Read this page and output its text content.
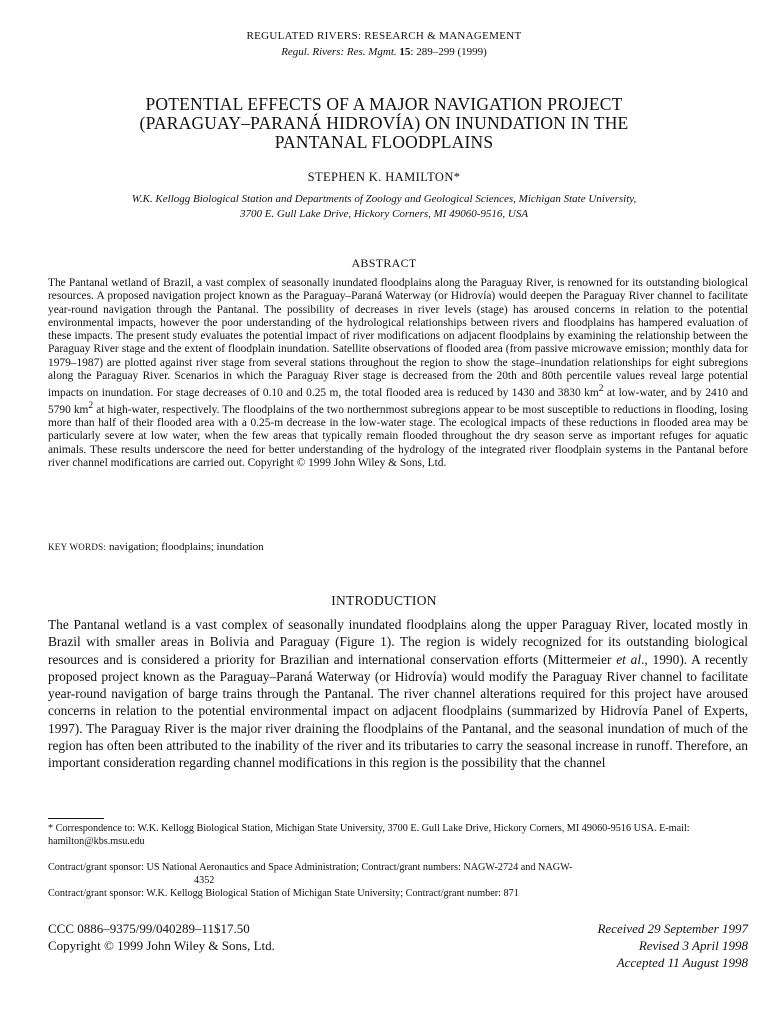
REGULATED RIVERS: RESEARCH & MANAGEMENT
Regul. Rivers: Res. Mgmt. 15: 289–299 (1999)
POTENTIAL EFFECTS OF A MAJOR NAVIGATION PROJECT
(PARAGUAY–PARANÁ HIDROVÍA) ON INUNDATION IN THE
PANTANAL FLOODPLAINS
STEPHEN K. HAMILTON*
W.K. Kellogg Biological Station and Departments of Zoology and Geological Sciences, Michigan State University,
3700 E. Gull Lake Drive, Hickory Corners, MI 49060-9516, USA
ABSTRACT

The Pantanal wetland of Brazil, a vast complex of seasonally inundated floodplains along the Paraguay River, is renowned for its outstanding biological resources. A proposed navigation project known as the Paraguay–Paraná Waterway (or Hidrovía) would deepen the Paraguay River channel to facilitate year-round navigation through the Pantanal. The possibility of decreases in river levels (stage) has aroused concerns in relation to the potential environmental impacts, however the poor understanding of the hydrological relationships between rivers and floodplains has hampered evaluation of these impacts. The present study evaluates the potential impact of river modifications on adjacent floodplains by examining the relationship between the Paraguay River stage and the extent of floodplain inundation. Satellite observations of flooded area (from passive microwave emission; monthly data for 1979–1987) are plotted against river stage from several stations throughout the region to show the stage–inundation relationships for eight subregions along the Paraguay River. Scenarios in which the Paraguay River stage is decreased from the 20th and 80th percentile values reveal large potential impacts on inundation. For stage decreases of 0.10 and 0.25 m, the total flooded area is reduced by 1430 and 3830 $km^2$ at low-water, and by 2410 and 5790 $km^2$ at high-water, respectively. The floodplains of the two northernmost subregions appear to be most susceptible to reductions in flooding, losing more than half of their flooded area with a 0.25-m decrease in the low-water stage. The ecological impacts of these reductions in flooded area may be particularly severe at low water, when the few areas that typically remain flooded throughout the dry season serve as important refuges for aquatic animals. These results underscore the need for better understanding of the hydrology of the integrated river floodplain systems in the Pantanal before river channel modifications are carried out. Copyright © 1999 John Wiley & Sons, Ltd.

KEY WORDS: navigation; floodplains; inundation
INTRODUCTION

The Pantanal wetland is a vast complex of seasonally inundated floodplains along the upper Paraguay River, located mostly in Brazil with smaller areas in Bolivia and Paraguay (Figure 1). The region is widely recognized for its outstanding biological resources and is considered a priority for Brazilian and international conservation efforts (Mittermeier et al., 1990). A recently proposed project known as the Paraguay–Paraná Waterway (or Hidrovía) would modify the Paraguay River channel to facilitate year-round navigation of barge trains through the Pantanal. The river channel alterations required for this project have aroused concerns in relation to the potential environmental impact on adjacent floodplains (summarized by Hidrovía Panel of Experts, 1997). The Paraguay River is the major river draining the floodplains of the Pantanal, and the seasonal inundation of much of the region has often been attributed to the inability of the river and its tributaries to carry the seasonal increase in runoff. Therefore, an important consideration regarding channel modifications in this region is the possibility that the channel

* Correspondence to: W.K. Kellogg Biological Station, Michigan State University, 3700 E. Gull Lake Drive, Hickory Corners, MI 49060-9516 USA. E-mail: hamilton@kbs.msu.edu

Contract/grant sponsor: US National Aeronautics and Space Administration; Contract/grant numbers: NAGW-2724 and NAGW-
4352

Contract/grant sponsor: W.K. Kellogg Biological Station of Michigan State University; Contract/grant number: 871

CCC 0886–9375/99/040289–11$17.50
Copyright © 1999 John Wiley & Sons, Ltd.
Received 29 September 1997
Revised 3 April 1998
Accepted 11 August 1998
